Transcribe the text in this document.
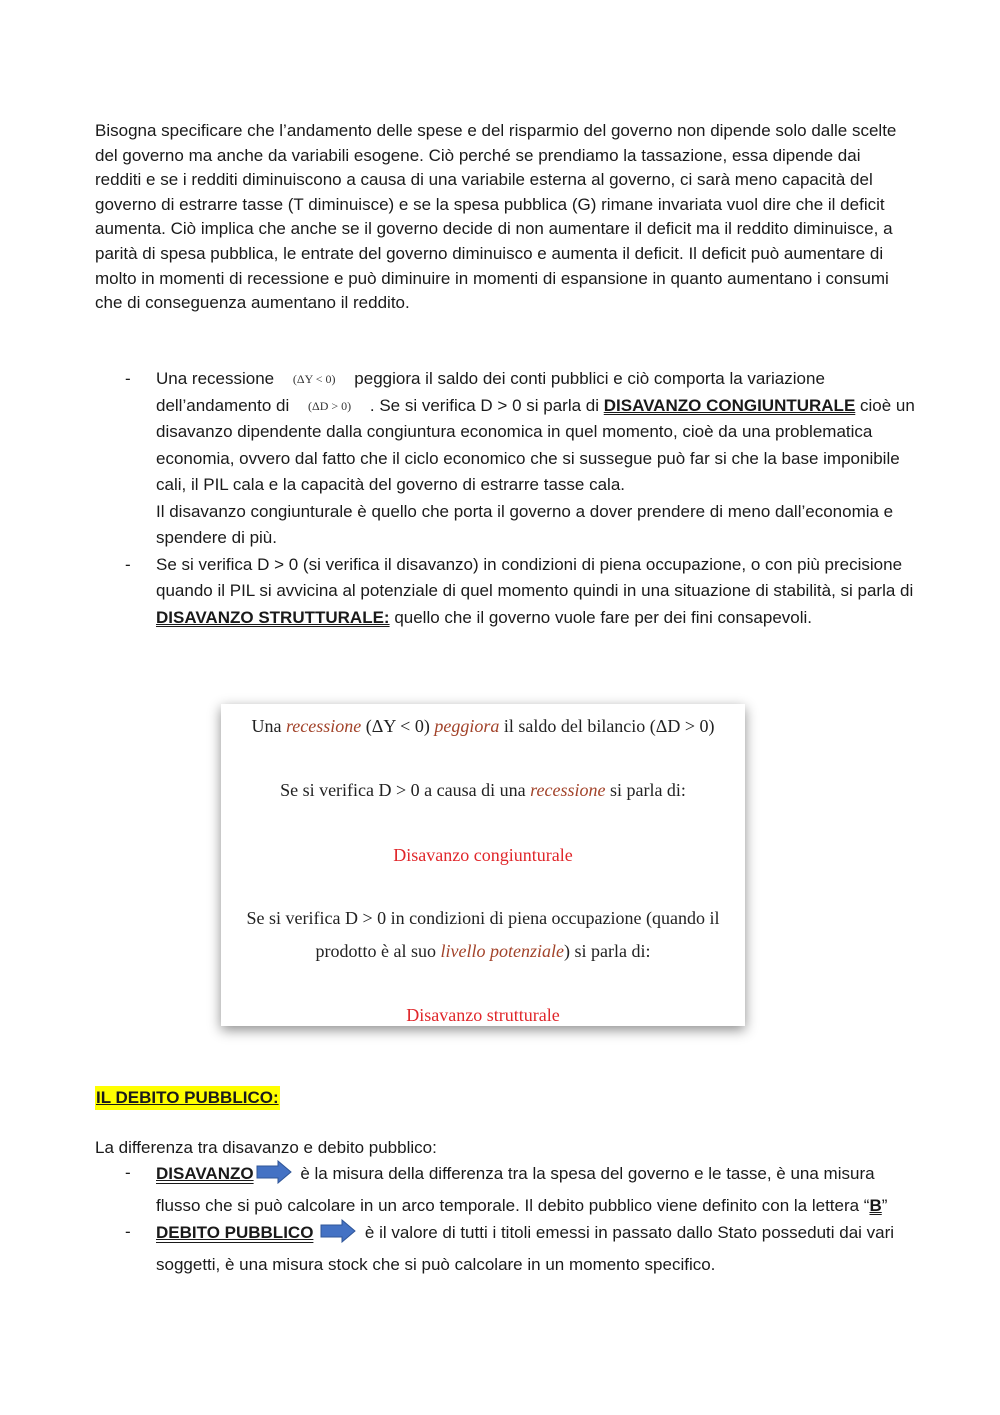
Bisogna specificare che l’andamento delle spese e del risparmio del governo non dipende solo dalle scelte del governo ma anche da variabili esogene. Ciò perché se prendiamo la tassazione, essa dipende dai redditi e se i redditi diminuiscono a causa di una variabile esterna al governo, ci sarà meno capacità del governo di estrarre tasse (T diminuisce) e se la spesa pubblica (G) rimane invariata vuol dire che il deficit aumenta. Ciò implica che anche se il governo decide di non aumentare il deficit ma il reddito diminuisce, a parità di spesa pubblica, le entrate del governo diminuisco e aumenta il deficit. Il deficit può aumentare di molto in momenti di recessione e può diminuire in momenti di espansione in quanto aumentano i consumi che di conseguenza aumentano il reddito.

- Una recessione (ΔY < 0) peggiora il saldo dei conti pubblici e ciò comporta la variazione dell’andamento di (ΔD > 0) . Se si verifica D > 0 si parla di DISAVANZO CONGIUNTURALE cioè un disavanzo dipendente dalla congiuntura economica in quel momento, cioè da una problematica economia, ovvero dal fatto che il ciclo economico che si sussegue può far si che la base imponibile cali, il PIL cala e la capacità del governo di estrarre tasse cala.
Il disavanzo congiunturale è quello che porta il governo a dover prendere di meno dall’economia e spendere di più.
- Se si verifica D > 0 (si verifica il disavanzo) in condizioni di piena occupazione, o con più precisione quando il PIL si avvicina al potenziale di quel momento quindi in una situazione di stabilità, si parla di DISAVANZO STRUTTURALE: quello che il governo vuole fare per dei fini consapevoli.
Una recessione (ΔY < 0) peggiora il saldo del bilancio (ΔD > 0)
Se si verifica D > 0 a causa di una recessione si parla di:
Disavanzo congiunturale
Se si verifica D > 0 in condizioni di piena occupazione (quando il
prodotto è al suo livello potenziale) si parla di:
Disavanzo strutturale
IL DEBITO PUBBLICO:
La differenza tra disavanzo e debito pubblico:
- DISAVANZO	è la misura della differenza tra la spesa del governo e le tasse, è una misura flusso che si può calcolare in un arco temporale. Il debito pubblico viene definito con la lettera “B”
- DEBITO PUBBLICO	è il valore di tutti i titoli emessi in passato dallo Stato posseduti dai vari soggetti, è una misura stock che si può calcolare in un momento specifico.
